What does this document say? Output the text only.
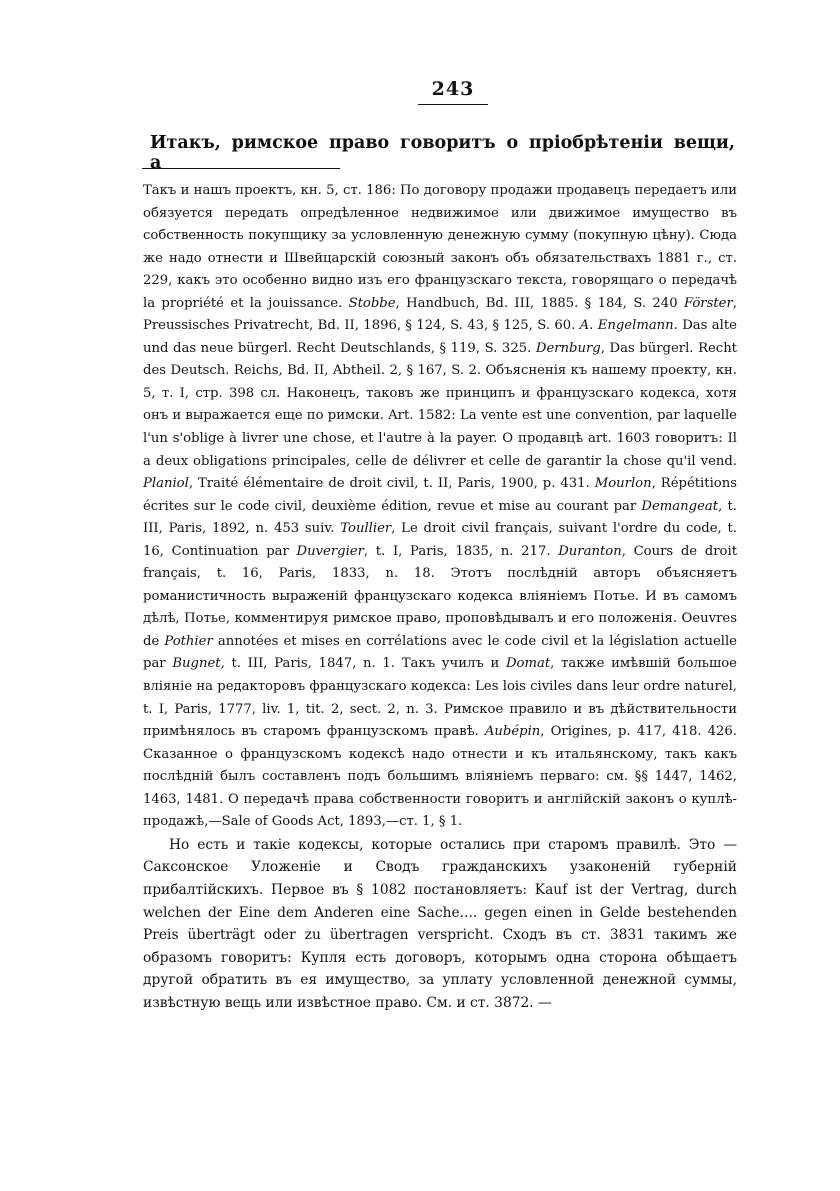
243
Итакъ, римское право говоритъ о пріобрѣтеніи вещи, а

Такъ и нашъ проектъ, кн. 5, ст. 186: По договору продажи продавецъ передаетъ или обязуется передать опредѣленное недвижимое или движимое имущество въ собственность покупщику за условленную денежную сумму (покупную цѣну). Сюда же надо отнести и Швейцарскій союзный законъ объ обязательствахъ 1881 г., ст. 229, какъ это особенно видно изъ его французскаго текста, говорящаго о передачѣ la propriété et la jouissance. Stobbe, Handbuch, Bd. III, 1885. § 184, S. 240 Förster, Preussisches Privatrecht, Bd. II, 1896, § 124, S. 43, § 125, S. 60. A. Engelmann. Das alte und das neue bürgerl. Recht Deutschlands, § 119, S. 325. Dernburg, Das bürgerl. Recht des Deutsch. Reichs, Bd. II, Abtheil. 2, § 167, S. 2. Объясненія къ нашему проекту, кн. 5, т. I, стр. 398 сл. Наконецъ, таковъ же принципъ и французскаго кодекса, хотя онъ и выражается еще по римски. Art. 1582: La vente est une convention, par laquelle l'un s'oblige à livrer une chose, et l'autre à la payer. О продавцѣ art. 1603 говоритъ: Il a deux obligations principales, celle de délivrer et celle de garantir la chose qu'il vend. Planiol, Traité élémentaire de droit civil, t. II, Paris, 1900, p. 431. Mourlon, Répétitions écrites sur le code civil, deuxième édition, revue et mise au courant par Demangeat, t. III, Paris, 1892, n. 453 suiv. Toullier, Le droit civil français, suivant l'ordre du code, t. 16, Continuation par Duvergier, t. I, Paris, 1835, n. 217. Duranton, Cours de droit français, t. 16, Paris, 1833, n. 18. Этотъ послѣдній авторъ объясняетъ романистичность выраженій французскаго кодекса вліяніемъ Потье. И въ самомъ дѣлѣ, Потье, комментируя римское право, проповѣдывалъ и его положенія. Oeuvres de Pothier annotées et mises en corrélations avec le code civil et la législation actuelle par Bugnet, t. III, Paris, 1847, n. 1. Такъ училъ и Domat, также имѣвшій большое вліяніе на редакторовъ французскаго кодекса: Les lois civiles dans leur ordre naturel, t. I, Paris, 1777, liv. 1, tit. 2, sect. 2, n. 3. Римское правило и въ дѣйствительности примѣнялось въ старомъ французскомъ правѣ. Aubépin, Origines, p. 417, 418. 426. Сказанное о французскомъ кодексѣ надо отнести и къ итальянскому, такъ какъ послѣдній былъ составленъ подъ большимъ вліяніемъ перваго: см. §§ 1447, 1462, 1463, 1481. О передачѣ права собственности говоритъ и англійскій законъ о куплѣ-продажѣ,—Sale of Goods Act, 1893,—ст. 1, § 1.

Но есть и такіе кодексы, которые остались при старомъ правилѣ. Это —Саксонское Уложеніе и Сводъ гражданскихъ узаконеній губерній прибалтійскихъ. Первое въ § 1082 постановляетъ: Kauf ist der Vertrag, durch welchen der Eine dem Anderen eine Sache.... gegen einen in Gelde bestehenden Preis überträgt oder zu übertragen verspricht. Сходъ въ ст. 3831 такимъ же образомъ говоритъ: Купля есть договоръ, которымъ одна сторона обѣщаетъ другой обратить въ ея имущество, за уплату условленной денежной суммы, извѣстную вещь или извѣстное право. См. и ст. 3872. —
